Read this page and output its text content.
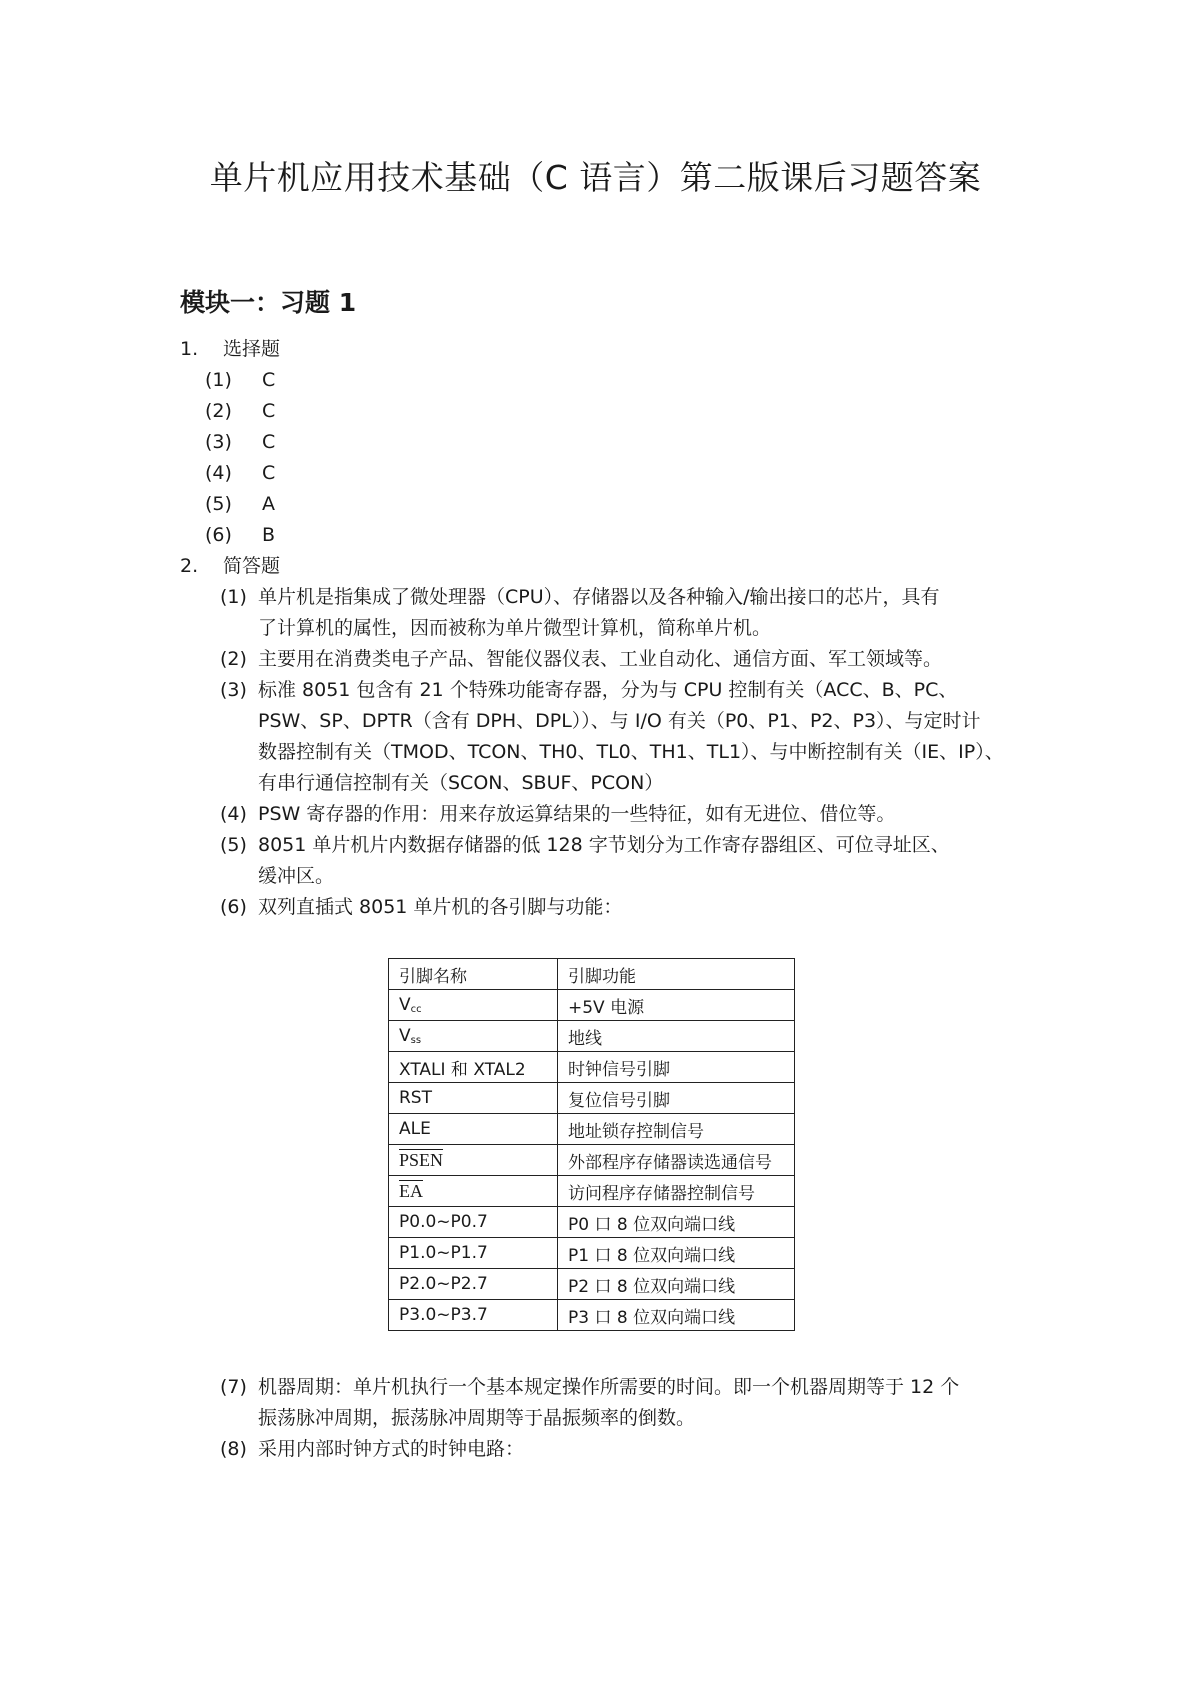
单片机应用技术基础（C 语言）第二版课后习题答案
模块一：习题 1
1. 选择题
(1) C
(2) C
(3) C
(4) C
(5) A
(6) B
2. 简答题
(1) 单片机是指集成了微处理器（CPU）、存储器以及各种输入/输出接口的芯片，具有
了计算机的属性，因而被称为单片微型计算机，简称单片机。
(2) 主要用在消费类电子产品、智能仪器仪表、工业自动化、通信方面、军工领域等。
(3) 标准 8051 包含有 21 个特殊功能寄存器，分为与 CPU 控制有关（ACC、B、PC、
PSW、SP、DPTR（含有 DPH、DPL））、与 I/O 有关（P0、P1、P2、P3）、与定时计
数器控制有关（TMOD、TCON、TH0、TL0、TH1、TL1）、与中断控制有关（IE、IP）、
有串行通信控制有关（SCON、SBUF、PCON）
(4) PSW 寄存器的作用：用来存放运算结果的一些特征，如有无进位、借位等。
(5) 8051 单片机片内数据存储器的低 128 字节划分为工作寄存器组区、可位寻址区、
缓冲区。
(6) 双列直插式 8051 单片机的各引脚与功能：
引脚名称	引脚功能
$V_{cc}$	+5V 电源
$V_{ss}$	地线
XTALI 和 XTAL2	时钟信号引脚
RST	复位信号引脚
ALE	地址锁存控制信号
PSEN	外部程序存储器读选通信号
$\overline{EA}$	访问程序存储器控制信号
P0.0~P0.7	P0 口 8 位双向端口线
P1.0~P1.7	P1 口 8 位双向端口线
P2.0~P2.7	P2 口 8 位双向端口线
P3.0~P3.7	P3 口 8 位双向端口线
(7) 机器周期：单片机执行一个基本规定操作所需要的时间。即一个机器周期等于 12 个
振荡脉冲周期，振荡脉冲周期等于晶振频率的倒数。
(8) 采用内部时钟方式的时钟电路：
